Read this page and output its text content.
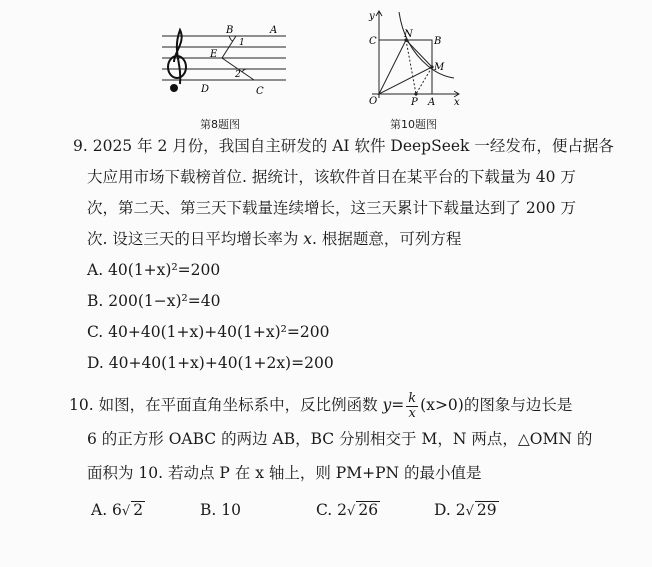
B	A
1
E
2
D	C
第8题图
y
C
N
B
M
O	P A x
第10题图
9. 2025 年 2 月份，我国自主研发的 AI 软件 DeepSeek 一经发布，便占据各
大应用市场下载榜首位. 据统计，该软件首日在某平台的下载量为 40 万
次，第二天、第三天下载量连续增长，这三天累计下载量达到了 200 万
次. 设这三天的日平均增长率为 x. 根据题意，可列方程
A. 40(1+x)²=200
B. 200(1−x)²=40
C. 40+40(1+x)+40(1+x)²=200
D. 40+40(1+x)+40(1+2x)=200
10. 如图，在平面直角坐标系中，反比例函数 $y= \frac{k}{x} (x>0)$的图象与边长是
6 的正方形 OABC 的两边 AB，BC 分别相交于 M，N 两点，△OMN 的
面积为 10. 若动点 P 在 x 轴上，则 PM+PN 的最小值是
A. 6√ 2	B. 10	C. 2√ 26	D. 2√ 29
